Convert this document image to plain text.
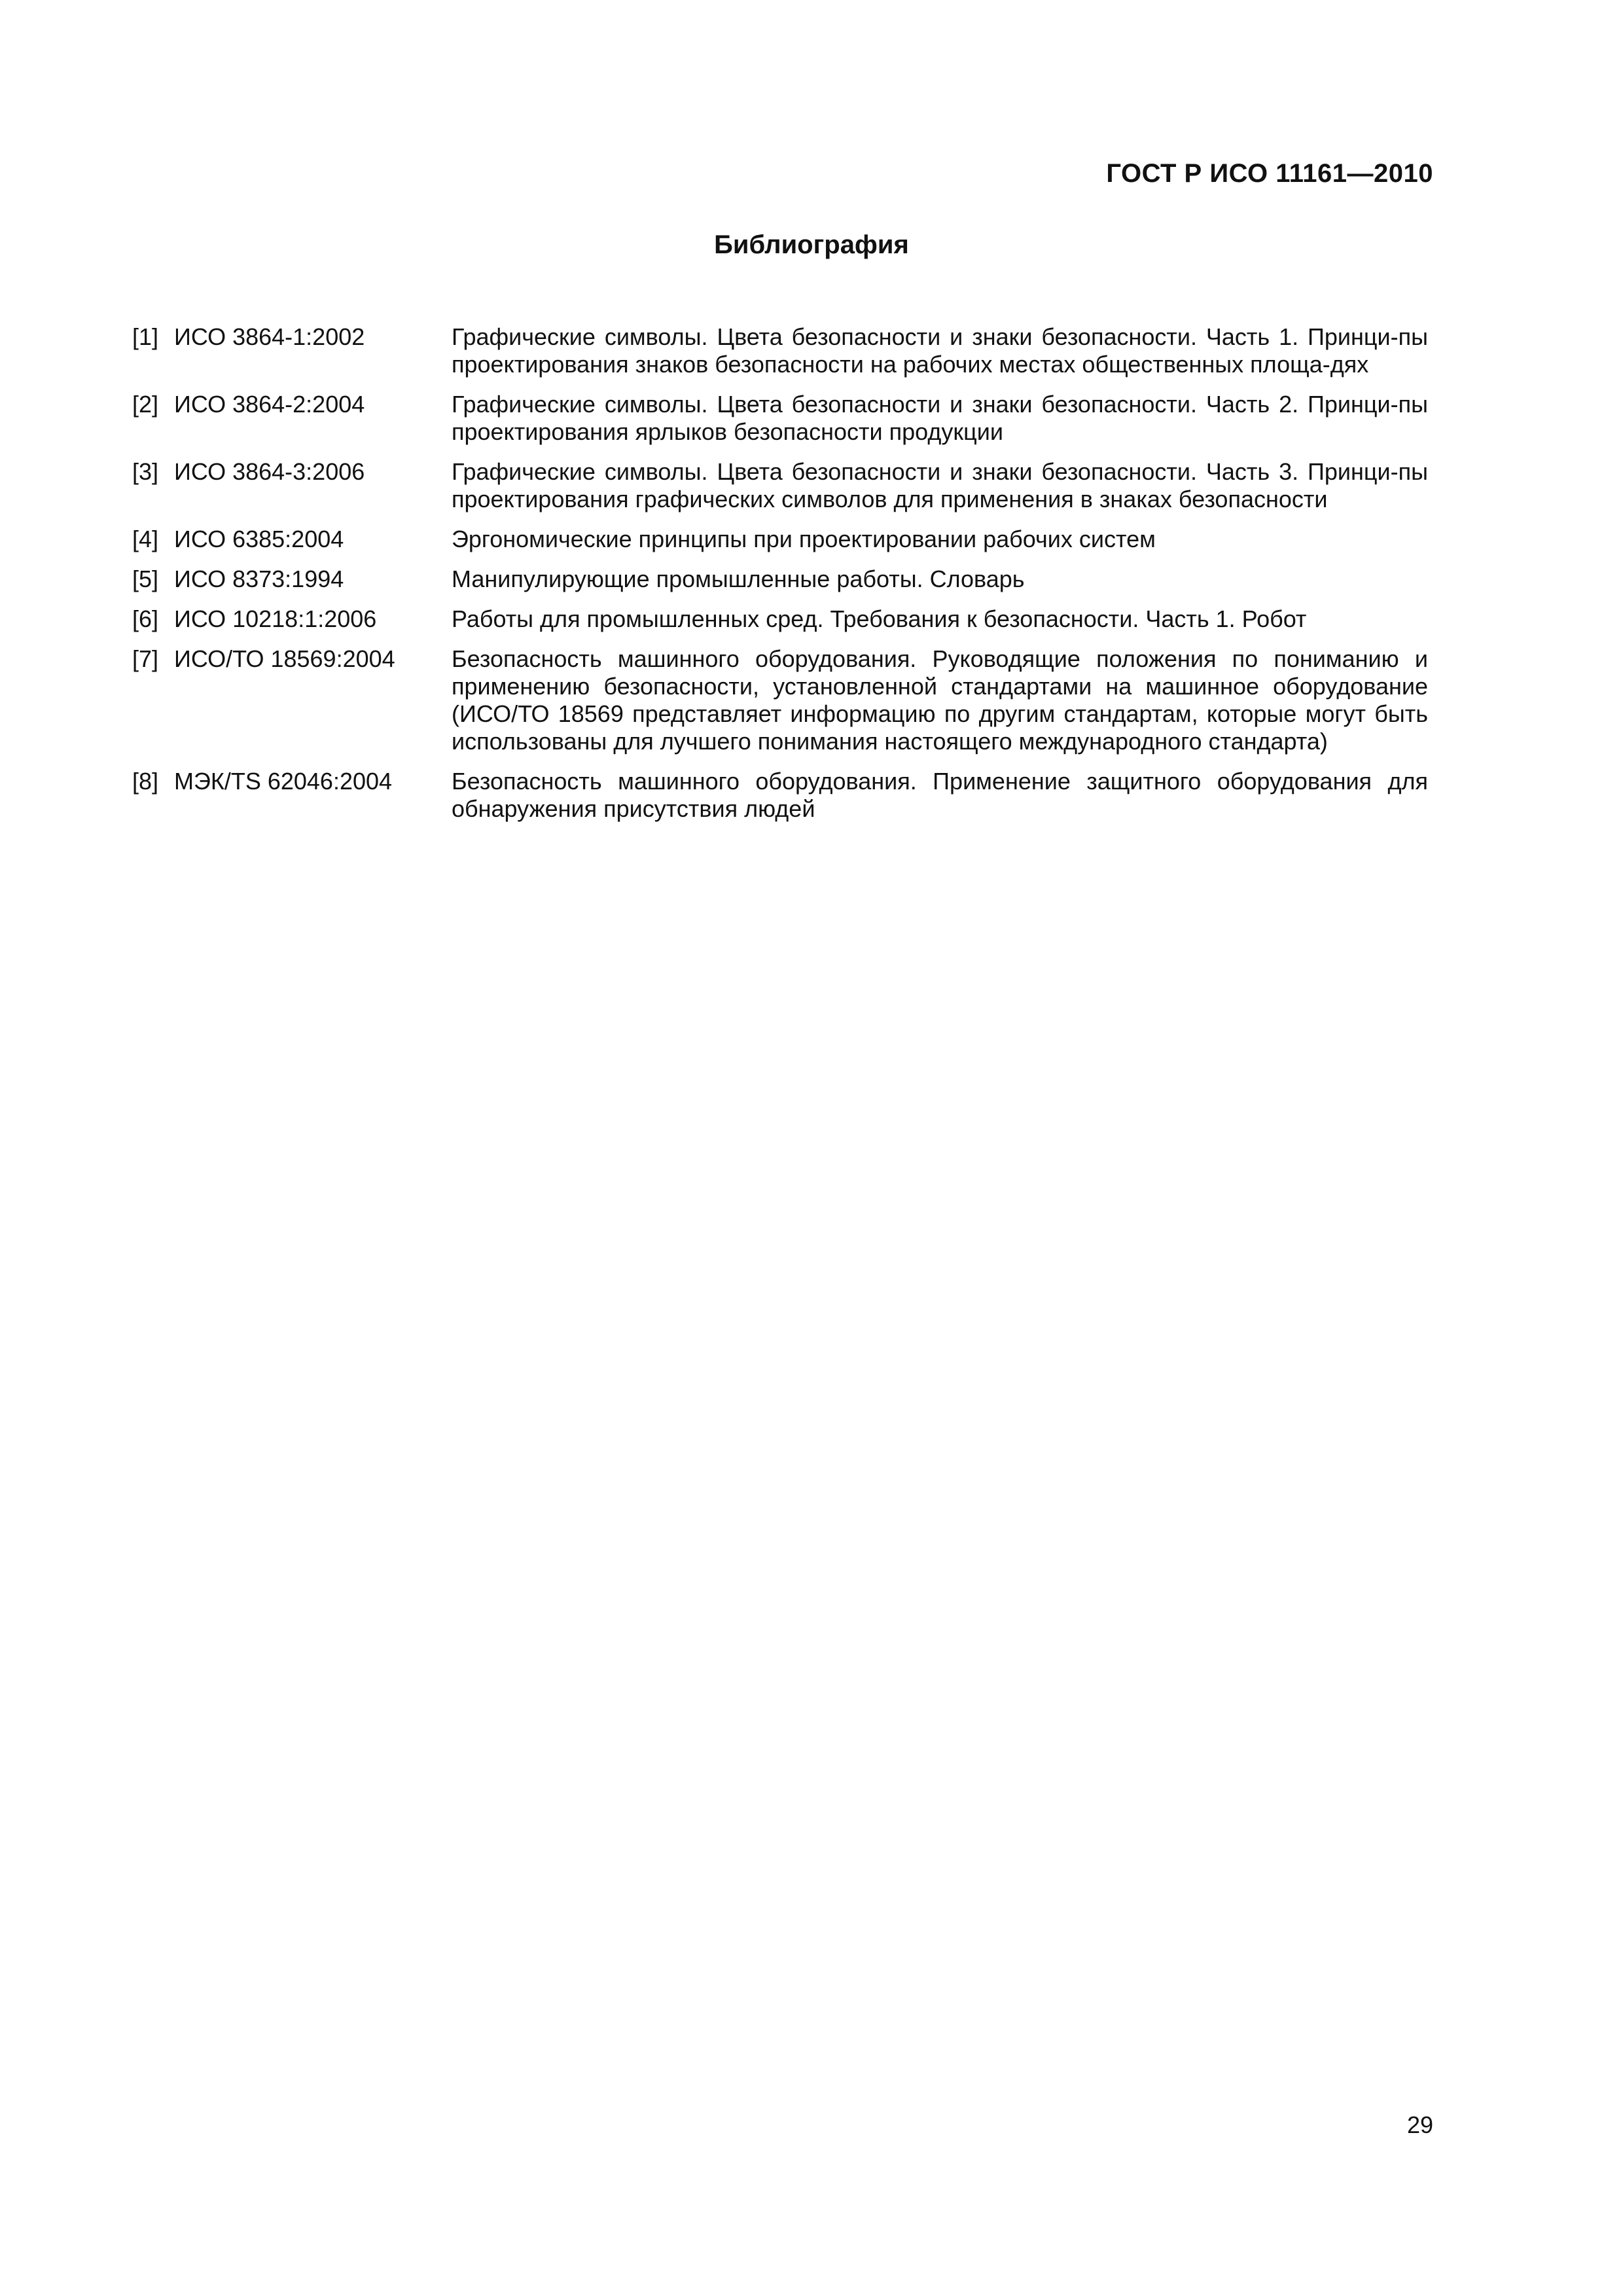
ГОСТ Р ИСО 11161—2010
Библиография
[1] ИСО 3864-1:2002	Графические символы. Цвета безопасности и знаки безопасности. Часть 1. Принци-пы проектирования знаков безопасности на рабочих местах общественных площа-дях
[2] ИСО 3864-2:2004	Графические символы. Цвета безопасности и знаки безопасности. Часть 2. Принци-пы проектирования ярлыков безопасности продукции
[3] ИСО 3864-3:2006	Графические символы. Цвета безопасности и знаки безопасности. Часть 3. Принци-пы проектирования графических символов для применения в знаках безопасности
[4] ИСО 6385:2004	Эргономические принципы при проектировании рабочих систем
[5] ИСО 8373:1994	Манипулирующие промышленные работы. Словарь
[6] ИСО 10218:1:2006	Работы для промышленных сред. Требования к безопасности. Часть 1. Робот
[7] ИСО/ТО 18569:2004	Безопасность машинного оборудования. Руководящие положения по пониманию и применению безопасности, установленной стандартами на машинное оборудование (ИСО/ТО 18569 представляет информацию по другим стандартам, которые могут быть использованы для лучшего понимания настоящего международного стандарта)
[8] МЭК/TS 62046:2004	Безопасность машинного оборудования. Применение защитного оборудования для обнаружения присутствия людей
29
